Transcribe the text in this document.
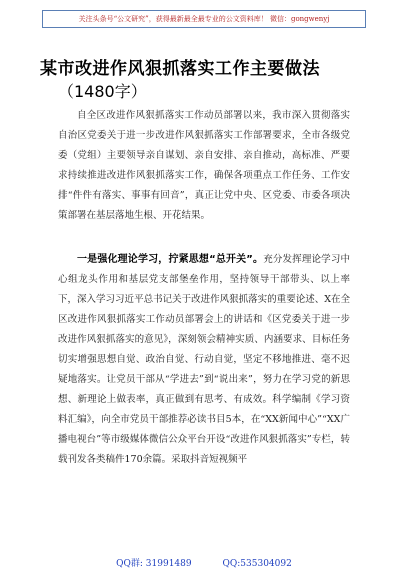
关注头条号“公文研究”，获得最新最全最专业的公文资料库！ 微信：gongwenyj
某市改进作风狠抓落实工作主要做法
（1480字）
自全区改进作风狠抓落实工作动员部署以来，我市深入贯彻落实自治区党委关于进一步改进作风狠抓落实工作部署要求，全市各级党委（党组）主要领导亲自谋划、亲自安排、亲自推动，高标准、严要求持续推进改进作风狠抓落实工作，确保各项重点工作任务、工作安排“件件有落实、事事有回音”，真正让党中央、区党委、市委各项决策部署在基层落地生根、开花结果。
一是强化理论学习，拧紧思想“总开关”。充分发挥理论学习中心组龙头作用和基层党支部堡垒作用，坚持领导干部带头、以上率下，深入学习习近平总书记关于改进作风狠抓落实的重要论述、X在全区改进作风狠抓落实工作动员部署会上的讲话和《区党委关于进一步改进作风狠抓落实的意见》，深刻领会精神实质、内涵要求、目标任务切实增强思想自觉、政治自觉、行动自觉，坚定不移地推进、毫不迟疑地落实。让党员干部从“学进去”到“说出来”，努力在学习党的新思想、新理论上做表率，真正做到有思考、有成效。科学编制《学习资料汇编》，向全市党员干部推荐必读书目5本，在“XX新闻中心”“XX广播电视台”等市级媒体微信公众平台开设“改进作风狠抓落实”专栏，转载刊发各类稿件170余篇。采取抖音短视频平
QQ群: 31991489	QQ:535304092
